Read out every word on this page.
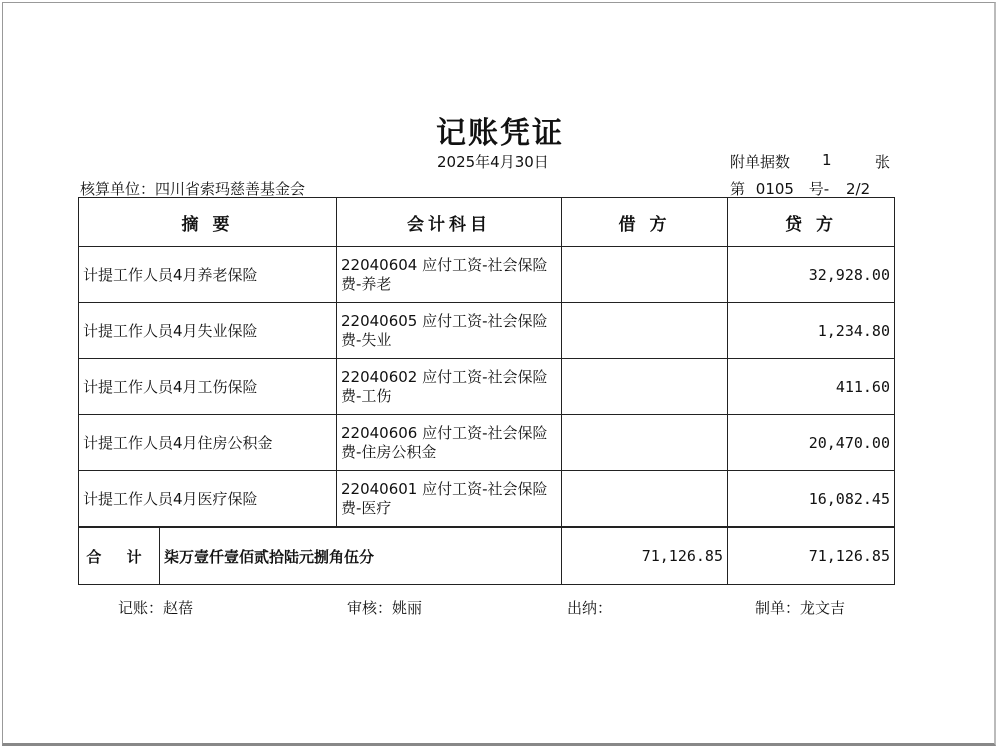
记账凭证
2025年4月30日	附单据数 1	张
核算单位：四川省索玛慈善基金会	第 0105 号- 2/2
摘 要	会计科目	借 方	贷 方
计提工作人员4月养老保险	22040604 应付工资-社会保险费-养老		32,928.00
计提工作人员4月失业保险	22040605 应付工资-社会保险费-失业		1,234.80
计提工作人员4月工伤保险	22040602 应付工资-社会保险费-工伤		411.60
计提工作人员4月住房公积金	22040606 应付工资-社会保险费-住房公积金		20,470.00
计提工作人员4月医疗保险	22040601 应付工资-社会保险费-医疗		16,082.45

合 计 柒万壹仟壹佰贰拾陆元捌角伍分		71,126.85	71,126.85
记账：赵蓓	审核：姚丽	出纳：	制单：龙文吉
